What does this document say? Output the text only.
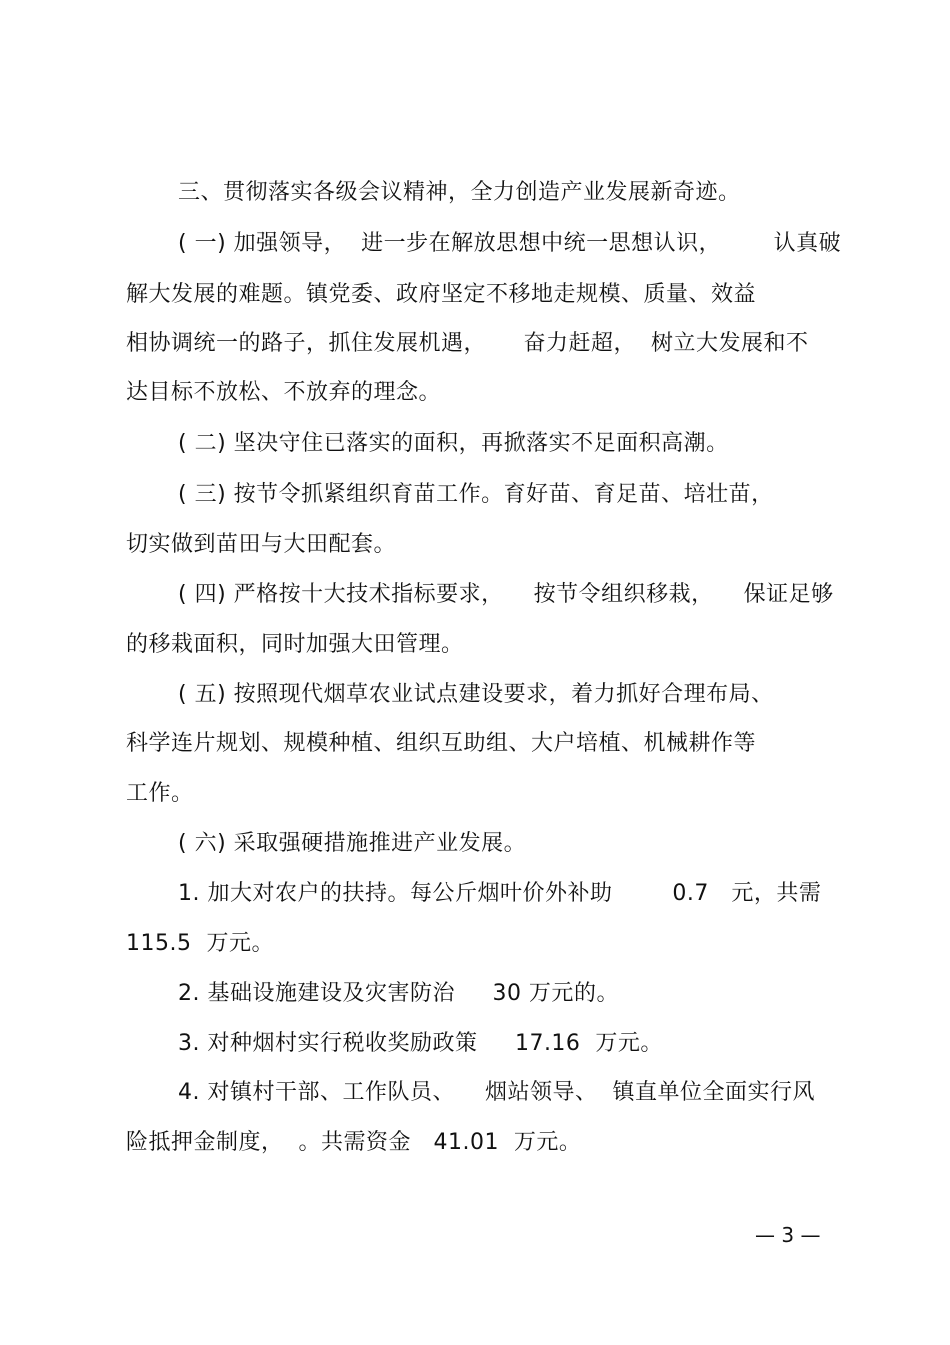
三、贯彻落实各级会议精神，全力创造产业发展新奇迹。
( 一) 加强领导，  进一步在解放思想中统一思想认识，       认真破
解大发展的难题。镇党委、政府坚定不移地走规模、质量、效益
相协调统一的路子，抓住发展机遇，     奋力赶超，  树立大发展和不
达目标不放松、不放弃的理念。
( 二) 坚决守住已落实的面积，再掀落实不足面积高潮。
( 三) 按节令抓紧组织育苗工作。育好苗、育足苗、培壮苗，
切实做到苗田与大田配套。
( 四) 严格按十大技术指标要求，    按节令组织移栽，    保证足够
的移栽面积，同时加强大田管理。
( 五) 按照现代烟草农业试点建设要求，着力抓好合理布局、
科学连片规划、规模种植、组织互助组、大户培植、机械耕作等
工作。
( 六) 采取强硬措施推进产业发展。
1. 加大对农户的扶持。每公斤烟叶价外补助        0.7   元，共需
115.5  万元。
2. 基础设施建设及灾害防治     30 万元的。
3. 对种烟村实行税收奖励政策     17.16  万元。
4. 对镇村干部、工作队员、    烟站领导、  镇直单位全面实行风
险抵押金制度，  。共需资金   41.01  万元。
— 3 —
